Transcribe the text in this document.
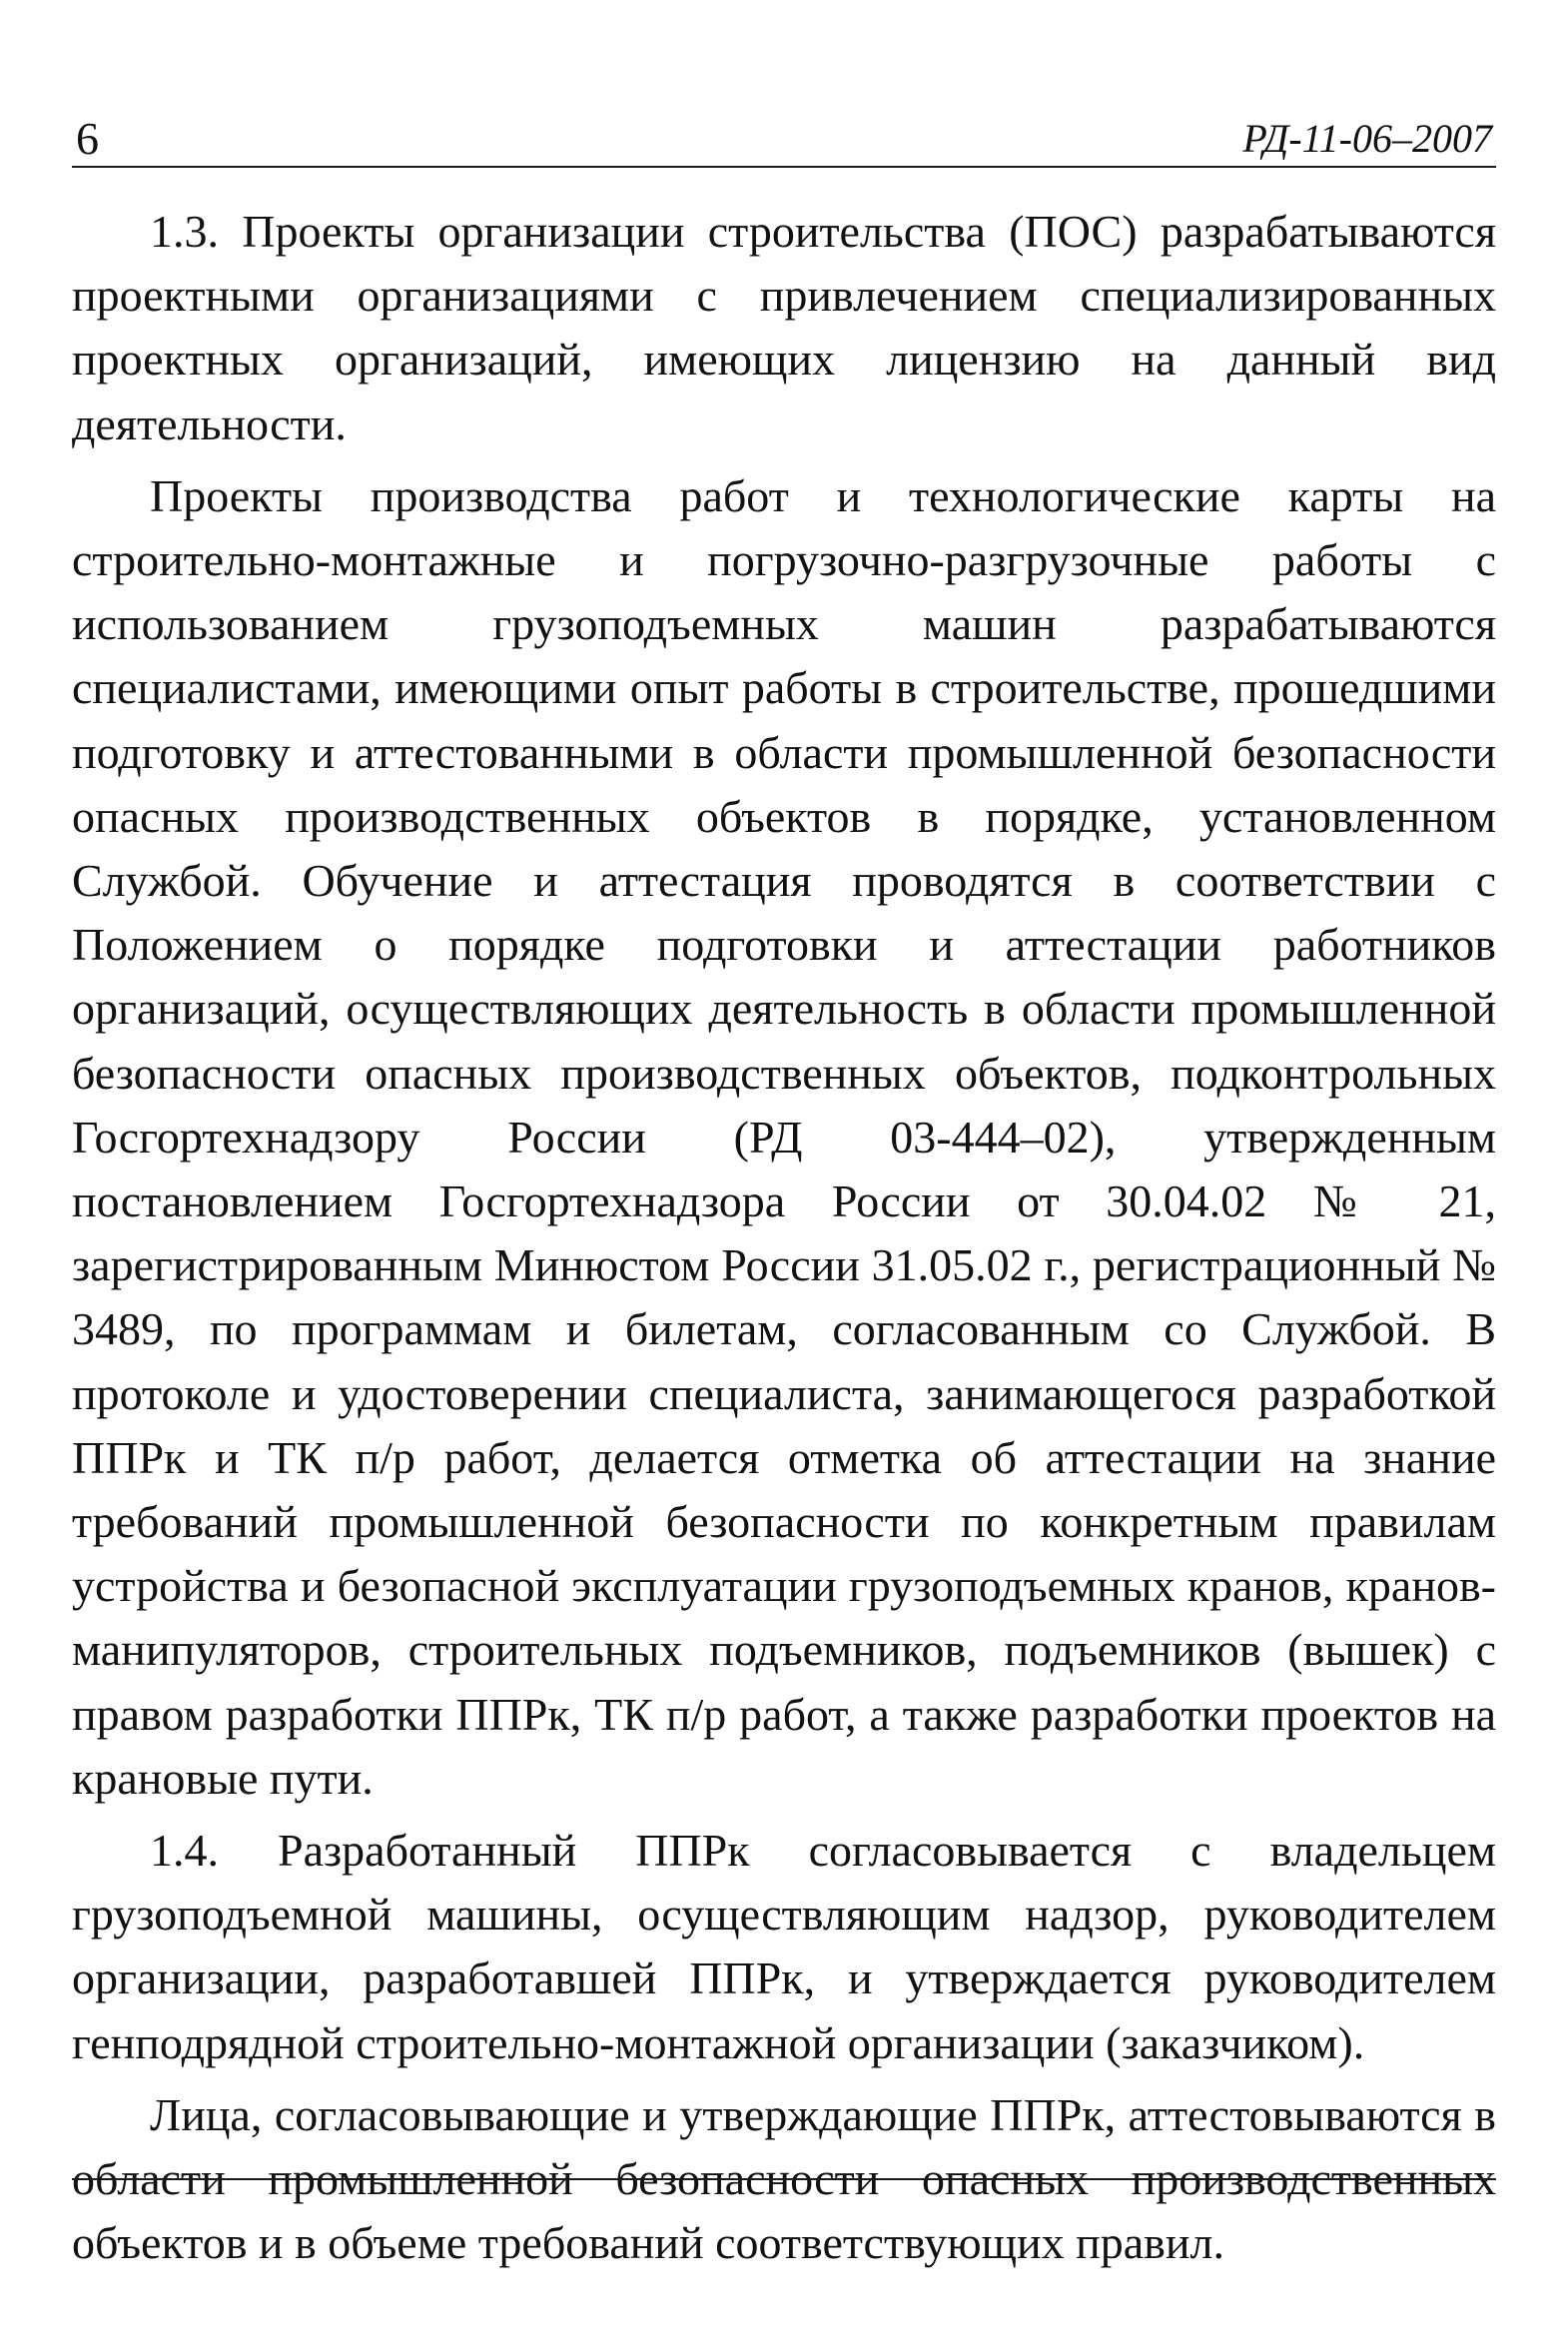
6	РД-11-06–2007

1.3. Проекты организации строительства (ПОС) разрабатываются проектными организациями с привлечением специализированных проектных организаций, имеющих лицензию на данный вид деятельности.

Проекты производства работ и технологические карты на строительно-монтажные и погрузочно-разгрузочные работы с использованием грузоподъемных машин разрабатываются специалистами, имеющими опыт работы в строительстве, прошедшими подготовку и аттестованными в области промышленной безопасности опасных производственных объектов в порядке, установленном Службой. Обучение и аттестация проводятся в соответствии с Положением о порядке подготовки и аттестации работников организаций, осуществляющих деятельность в области промышленной безопасности опасных производственных объектов, подконтрольных Госгортехнадзору России (РД 03-444–02), утвержденным постановлением Госгортехнадзора России от 30.04.02 № 21, зарегистрированным Минюстом России 31.05.02 г., регистрационный № 3489, по программам и билетам, согласованным со Службой. В протоколе и удостоверении специалиста, занимающегося разработкой ППРк и ТК п/р работ, делается отметка об аттестации на знание требований промышленной безопасности по конкретным правилам устройства и безопасной эксплуатации грузоподъемных кранов, кранов-манипуляторов, строительных подъемников, подъемников (вышек) с правом разработки ППРк, ТК п/р работ, а также разработки проектов на крановые пути.

1.4. Разработанный ППРк согласовывается с владельцем грузоподъемной машины, осуществляющим надзор, руководителем организации, разработавшей ППРк, и утверждается руководителем генподрядной строительно-монтажной организации (заказчиком).

Лица, согласовывающие и утверждающие ППРк, аттестовываются в области промышленной безопасности опасных производственных объектов и в объеме требований соответствующих правил.
